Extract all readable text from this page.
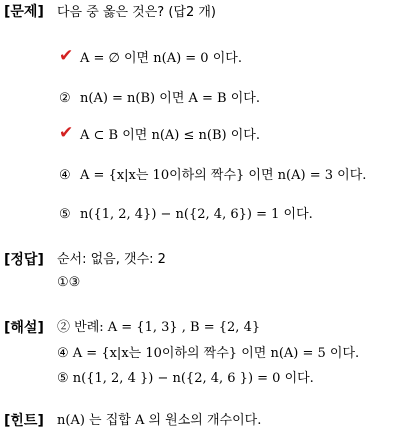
[문제] 다음 중 옳은 것은? (답2 개)
✔ A = ∅ 이면 n(A) = 0 이다.
② n(A) = n(B) 이면 A = B 이다.
✔ A ⊂ B 이면 n(A) ≤ n(B) 이다.
④ A = {x|x는 10이하의 짝수} 이면 n(A) = 3 이다.
⑤ n({1, 2, 4}) − n({2, 4, 6}) = 1 이다.
[정답] 순서: 없음, 갯수: 2
①③
[해설] ② 반례: A = {1, 3} , B = {2, 4}
④ A = {x|x는 10이하의 짝수} 이면 n(A) = 5 이다.
⑤ n({1, 2, 4 }) − n({2, 4, 6 }) = 0 이다.
[힌트] n(A) 는 집합 A 의 원소의 개수이다.
